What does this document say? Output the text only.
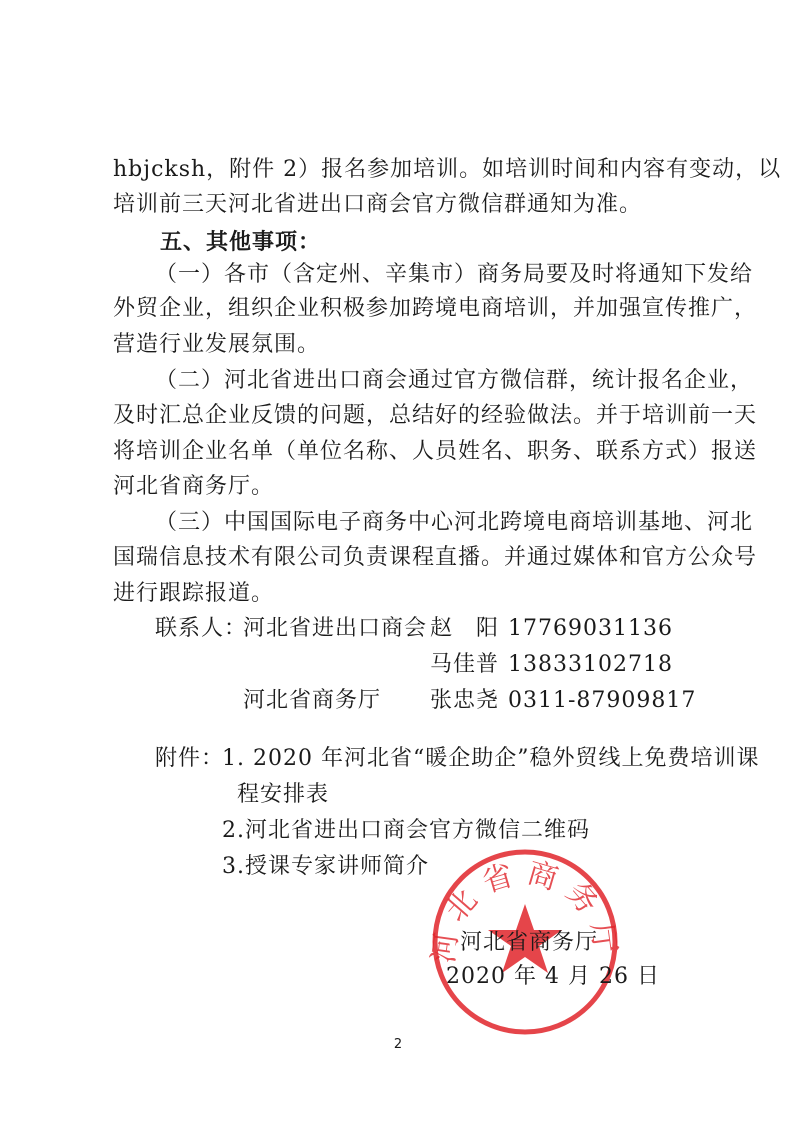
hbjcksh，附件 2）报名参加培训。如培训时间和内容有变动，以
培训前三天河北省进出口商会官方微信群通知为准。
五、其他事项：
（一）各市（含定州、辛集市）商务局要及时将通知下发给
外贸企业，组织企业积极参加跨境电商培训，并加强宣传推广，
营造行业发展氛围。
（二）河北省进出口商会通过官方微信群，统计报名企业，
及时汇总企业反馈的问题，总结好的经验做法。并于培训前一天
将培训企业名单（单位名称、人员姓名、职务、联系方式）报送
河北省商务厅。
（三）中国国际电子商务中心河北跨境电商培训基地、河北
国瑞信息技术有限公司负责课程直播。并通过媒体和官方公众号
进行跟踪报道。
联系人：
河北省进出口商会 赵　阳 17769031136
马佳普 13833102718
河北省商务厅 张忠尧 0311-87909817
附件：
1. 2020 年河北省“暖企助企”稳外贸线上免费培训课
程安排表
2.河北省进出口商会官方微信二维码
3.授课专家讲师简介
河北省商务厅
河北省商务厅
2020 年 4 月 26 日
2
